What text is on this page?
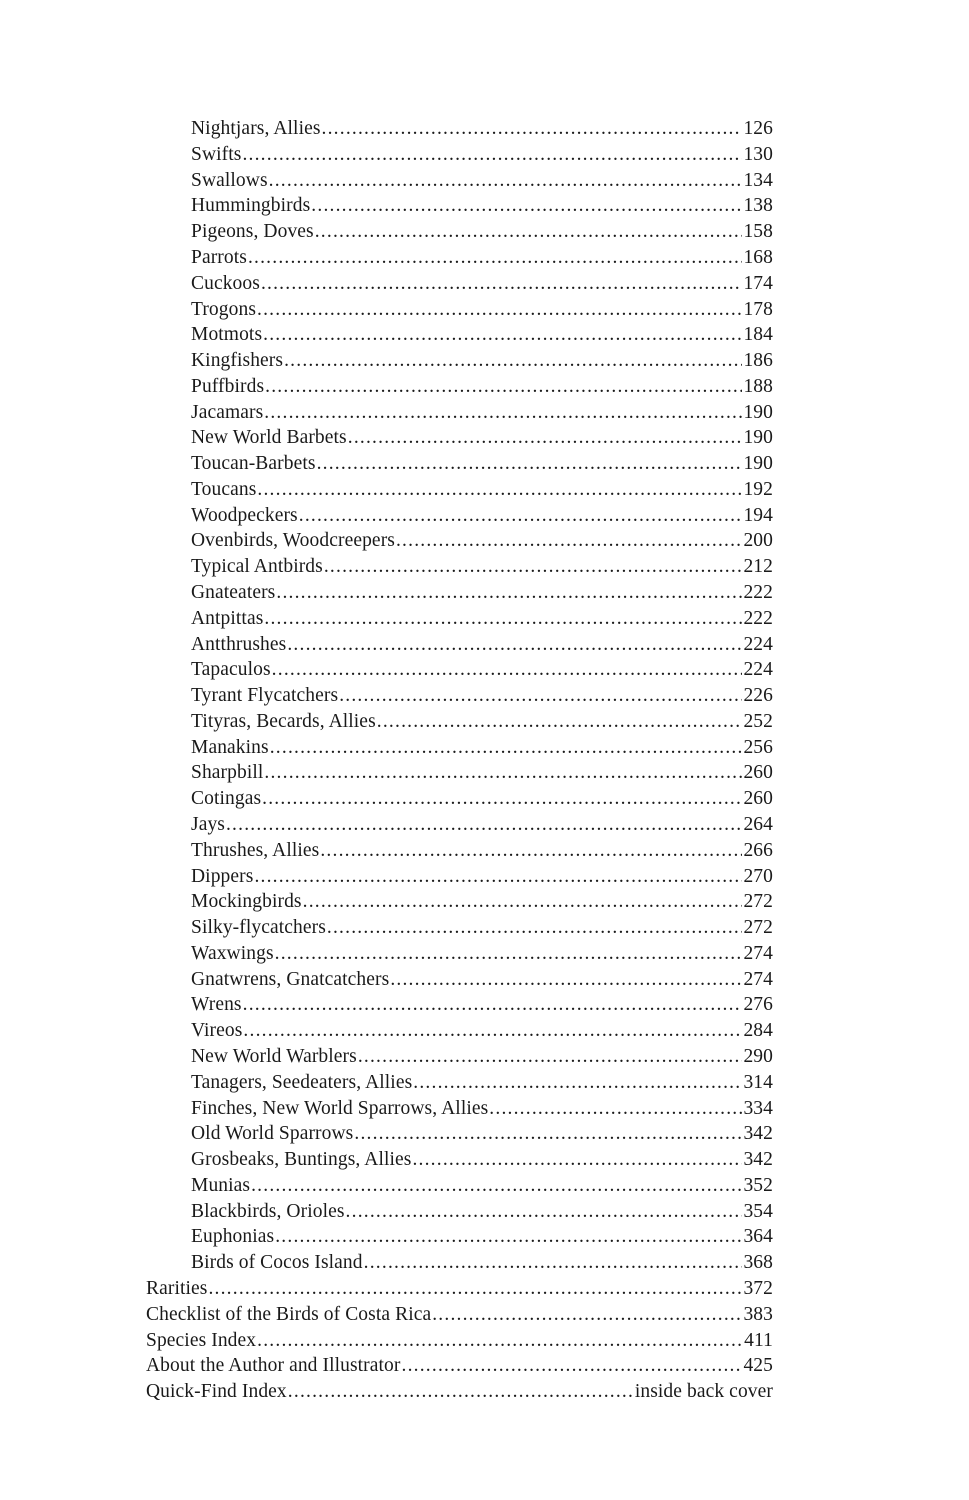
Nightjars, Allies .....	126
Swifts .....	130
Swallows .....	134
Hummingbirds .....	138
Pigeons, Doves .....	158
Parrots .....	168
Cuckoos .....	174
Trogons .....	178
Motmots .....	184
Kingfishers .....	186
Puffbirds .....	188
Jacamars .....	190
New World Barbets .....	190
Toucan-Barbets .....	190
Toucans .....	192
Woodpeckers .....	194
Ovenbirds, Woodcreepers .....	200
Typical Antbirds .....	212
Gnateaters .....	222
Antpittas .....	222
Antthrushes .....	224
Tapaculos .....	224
Tyrant Flycatchers .....	226
Tityras, Becards, Allies .....	252
Manakins .....	256
Sharpbill .....	260
Cotingas .....	260
Jays .....	264
Thrushes, Allies .....	266
Dippers .....	270
Mockingbirds .....	272
Silky-flycatchers .....	272
Waxwings .....	274
Gnatwrens, Gnatcatchers .....	274
Wrens .....	276
Vireos .....	284
New World Warblers .....	290
Tanagers, Seedeaters, Allies .....	314
Finches, New World Sparrows, Allies .....	334
Old World Sparrows .....	342
Grosbeaks, Buntings, Allies .....	342
Munias .....	352
Blackbirds, Orioles .....	354
Euphonias .....	364
Birds of Cocos Island .....	368
Rarities .....	372
Checklist of the Birds of Costa Rica .....	383
Species Index .....	411
About the Author and Illustrator .....	425
Quick-Find Index .....	inside back cover
